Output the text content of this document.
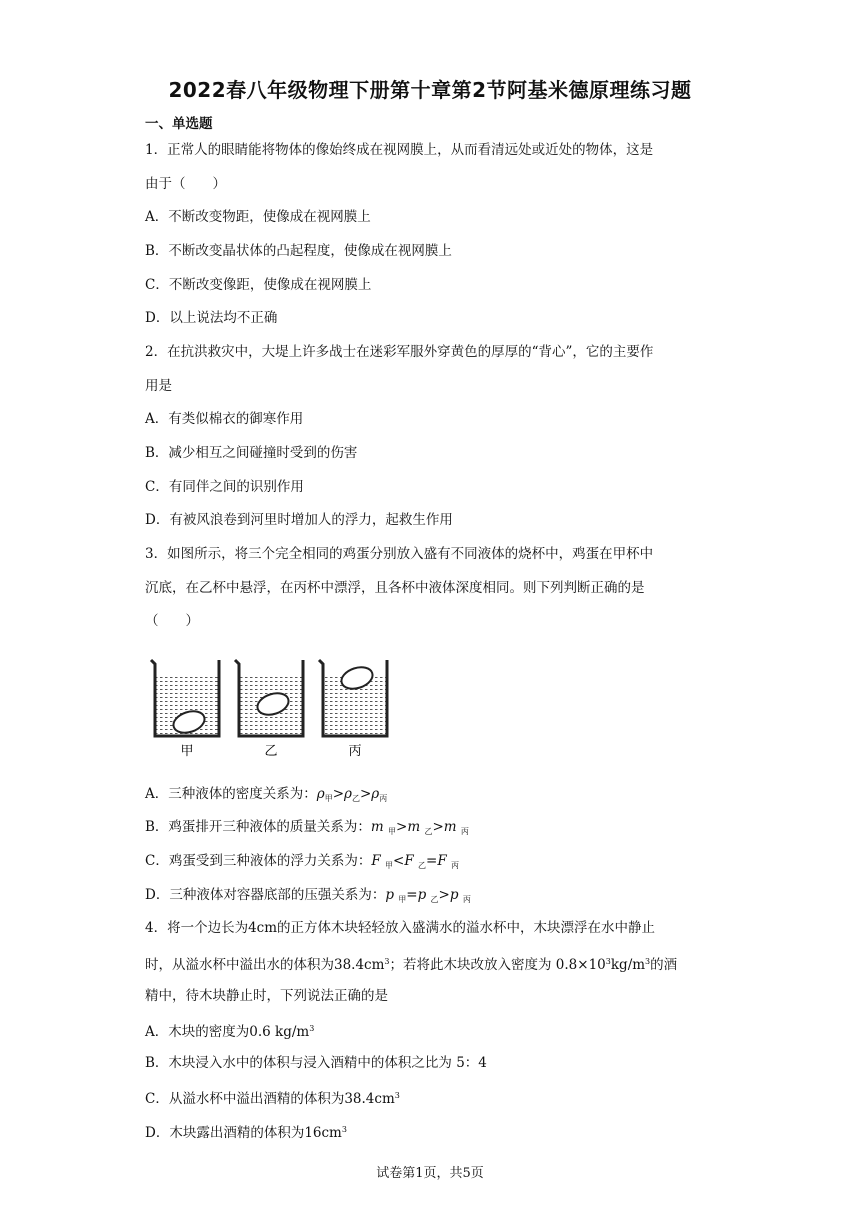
2022春八年级物理下册第十章第2节阿基米德原理练习题
一、单选题
1．正常人的眼睛能将物体的像始终成在视网膜上，从而看清远处或近处的物体，这是
由于（　　）
A．不断改变物距，使像成在视网膜上
B．不断改变晶状体的凸起程度，使像成在视网膜上
C．不断改变像距，使像成在视网膜上
D．以上说法均不正确
2．在抗洪救灾中，大堤上许多战士在迷彩军服外穿黄色的厚厚的“背心”，它的主要作
用是
A．有类似棉衣的御寒作用
B．减少相互之间碰撞时受到的伤害
C．有同伴之间的识别作用
D．有被风浪卷到河里时增加人的浮力，起救生作用
3．如图所示，将三个完全相同的鸡蛋分别放入盛有不同液体的烧杯中，鸡蛋在甲杯中
沉底，在乙杯中悬浮，在丙杯中漂浮，且各杯中液体深度相同。则下列判断正确的是
（　　）
甲	乙	丙
A．三种液体的密度关系为：$\rho_甲>\rho_乙>\rho_丙$
B．鸡蛋排开三种液体的质量关系为：m $_甲$>m $_乙$>m $_丙$
C．鸡蛋受到三种液体的浮力关系为：F $_甲$<F $_乙$=F $_丙$
D．三种液体对容器底部的压强关系为：p $_甲$=p $_乙$>p $_丙$
4．将一个边长为4cm的正方体木块轻轻放入盛满水的溢水杯中，木块漂浮在水中静止
时，从溢水杯中溢出水的体积为$38.4cm^3$；若将此木块改放入密度为 $0.8\times 10^3kg/m^3$的酒
精中，待木块静止时，下列说法正确的是
A．木块的密度为0.6 $kg/m^3$
B．木块浸入水中的体积与浸入酒精中的体积之比为 5：4
C．从溢水杯中溢出酒精的体积为$38.4cm^3$
D．木块露出酒精的体积为$16cm^3$
试卷第1页，共5页
